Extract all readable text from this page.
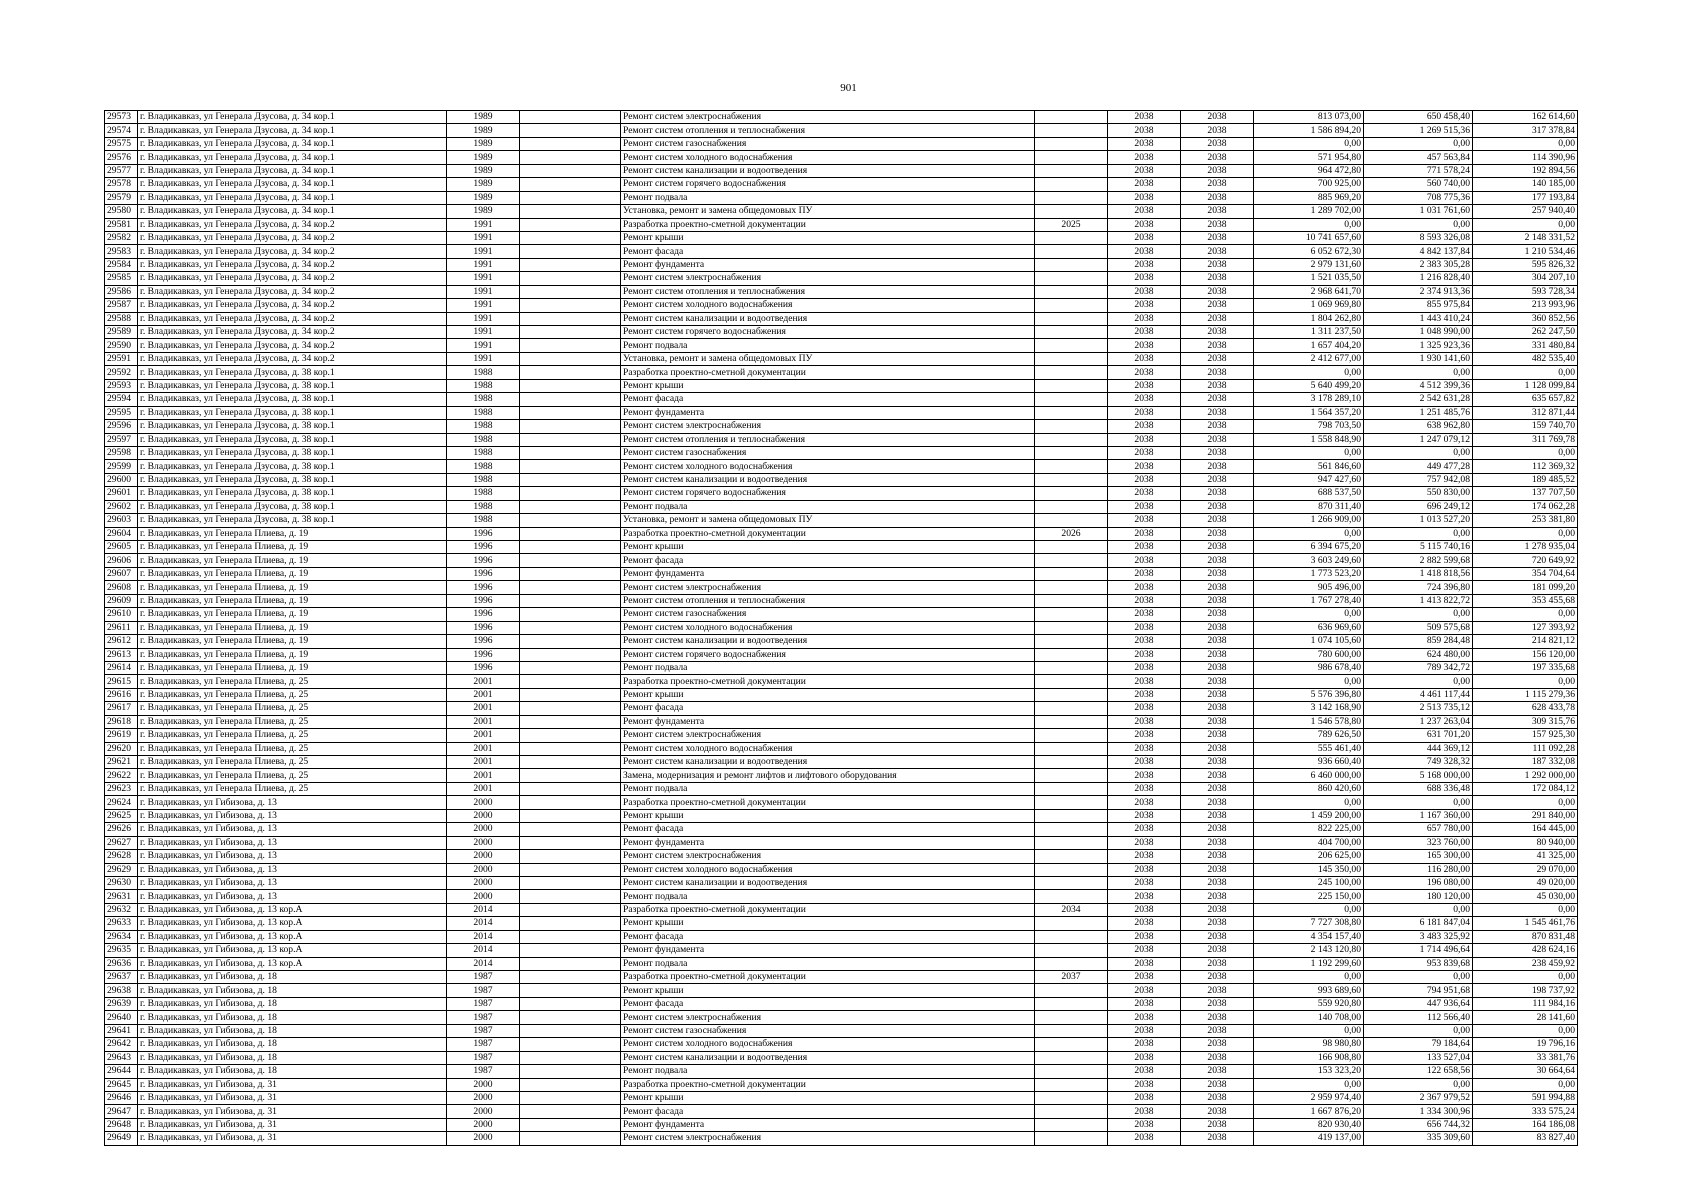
901
29573	г. Владикавказ, ул Генерала Дзусова, д. 34 кор.1	1989		Ремонт систем электроснабжения		2038	2038	813 073,00	650 458,40	162 614,60
29574	г. Владикавказ, ул Генерала Дзусова, д. 34 кор.1	1989		Ремонт систем отопления и теплоснабжения		2038	2038	1 586 894,20	1 269 515,36	317 378,84
29575	г. Владикавказ, ул Генерала Дзусова, д. 34 кор.1	1989		Ремонт систем газоснабжения		2038	2038	0,00	0,00	0,00
29576	г. Владикавказ, ул Генерала Дзусова, д. 34 кор.1	1989		Ремонт систем холодного водоснабжения		2038	2038	571 954,80	457 563,84	114 390,96
29577	г. Владикавказ, ул Генерала Дзусова, д. 34 кор.1	1989		Ремонт систем канализации и водоотведения		2038	2038	964 472,80	771 578,24	192 894,56
29578	г. Владикавказ, ул Генерала Дзусова, д. 34 кор.1	1989		Ремонт систем горячего водоснабжения		2038	2038	700 925,00	560 740,00	140 185,00
29579	г. Владикавказ, ул Генерала Дзусова, д. 34 кор.1	1989		Ремонт подвала		2038	2038	885 969,20	708 775,36	177 193,84
29580	г. Владикавказ, ул Генерала Дзусова, д. 34 кор.1	1989		Установка, ремонт и замена общедомовых ПУ		2038	2038	1 289 702,00	1 031 761,60	257 940,40
29581	г. Владикавказ, ул Генерала Дзусова, д. 34 кор.2	1991		Разработка проектно-сметной документации	2025	2038	2038	0,00	0,00	0,00
29582	г. Владикавказ, ул Генерала Дзусова, д. 34 кор.2	1991		Ремонт крыши		2038	2038	10 741 657,60	8 593 326,08	2 148 331,52
29583	г. Владикавказ, ул Генерала Дзусова, д. 34 кор.2	1991		Ремонт фасада		2038	2038	6 052 672,30	4 842 137,84	1 210 534,46
29584	г. Владикавказ, ул Генерала Дзусова, д. 34 кор.2	1991		Ремонт фундамента		2038	2038	2 979 131,60	2 383 305,28	595 826,32
29585	г. Владикавказ, ул Генерала Дзусова, д. 34 кор.2	1991		Ремонт систем электроснабжения		2038	2038	1 521 035,50	1 216 828,40	304 207,10
29586	г. Владикавказ, ул Генерала Дзусова, д. 34 кор.2	1991		Ремонт систем отопления и теплоснабжения		2038	2038	2 968 641,70	2 374 913,36	593 728,34
29587	г. Владикавказ, ул Генерала Дзусова, д. 34 кор.2	1991		Ремонт систем холодного водоснабжения		2038	2038	1 069 969,80	855 975,84	213 993,96
29588	г. Владикавказ, ул Генерала Дзусова, д. 34 кор.2	1991		Ремонт систем канализации и водоотведения		2038	2038	1 804 262,80	1 443 410,24	360 852,56
29589	г. Владикавказ, ул Генерала Дзусова, д. 34 кор.2	1991		Ремонт систем горячего водоснабжения		2038	2038	1 311 237,50	1 048 990,00	262 247,50
29590	г. Владикавказ, ул Генерала Дзусова, д. 34 кор.2	1991		Ремонт подвала		2038	2038	1 657 404,20	1 325 923,36	331 480,84
29591	г. Владикавказ, ул Генерала Дзусова, д. 34 кор.2	1991		Установка, ремонт и замена общедомовых ПУ		2038	2038	2 412 677,00	1 930 141,60	482 535,40
29592	г. Владикавказ, ул Генерала Дзусова, д. 38 кор.1	1988		Разработка проектно-сметной документации		2038	2038	0,00	0,00	0,00
29593	г. Владикавказ, ул Генерала Дзусова, д. 38 кор.1	1988		Ремонт крыши		2038	2038	5 640 499,20	4 512 399,36	1 128 099,84
29594	г. Владикавказ, ул Генерала Дзусова, д. 38 кор.1	1988		Ремонт фасада		2038	2038	3 178 289,10	2 542 631,28	635 657,82
29595	г. Владикавказ, ул Генерала Дзусова, д. 38 кор.1	1988		Ремонт фундамента		2038	2038	1 564 357,20	1 251 485,76	312 871,44
29596	г. Владикавказ, ул Генерала Дзусова, д. 38 кор.1	1988		Ремонт систем электроснабжения		2038	2038	798 703,50	638 962,80	159 740,70
29597	г. Владикавказ, ул Генерала Дзусова, д. 38 кор.1	1988		Ремонт систем отопления и теплоснабжения		2038	2038	1 558 848,90	1 247 079,12	311 769,78
29598	г. Владикавказ, ул Генерала Дзусова, д. 38 кор.1	1988		Ремонт систем газоснабжения		2038	2038	0,00	0,00	0,00
29599	г. Владикавказ, ул Генерала Дзусова, д. 38 кор.1	1988		Ремонт систем холодного водоснабжения		2038	2038	561 846,60	449 477,28	112 369,32
29600	г. Владикавказ, ул Генерала Дзусова, д. 38 кор.1	1988		Ремонт систем канализации и водоотведения		2038	2038	947 427,60	757 942,08	189 485,52
29601	г. Владикавказ, ул Генерала Дзусова, д. 38 кор.1	1988		Ремонт систем горячего водоснабжения		2038	2038	688 537,50	550 830,00	137 707,50
29602	г. Владикавказ, ул Генерала Дзусова, д. 38 кор.1	1988		Ремонт подвала		2038	2038	870 311,40	696 249,12	174 062,28
29603	г. Владикавказ, ул Генерала Дзусова, д. 38 кор.1	1988		Установка, ремонт и замена общедомовых ПУ		2038	2038	1 266 909,00	1 013 527,20	253 381,80
29604	г. Владикавказ, ул Генерала Плиева, д. 19	1996		Разработка проектно-сметной документации	2026	2038	2038	0,00	0,00	0,00
29605	г. Владикавказ, ул Генерала Плиева, д. 19	1996		Ремонт крыши		2038	2038	6 394 675,20	5 115 740,16	1 278 935,04
29606	г. Владикавказ, ул Генерала Плиева, д. 19	1996		Ремонт фасада		2038	2038	3 603 249,60	2 882 599,68	720 649,92
29607	г. Владикавказ, ул Генерала Плиева, д. 19	1996		Ремонт фундамента		2038	2038	1 773 523,20	1 418 818,56	354 704,64
29608	г. Владикавказ, ул Генерала Плиева, д. 19	1996		Ремонт систем электроснабжения		2038	2038	905 496,00	724 396,80	181 099,20
29609	г. Владикавказ, ул Генерала Плиева, д. 19	1996		Ремонт систем отопления и теплоснабжения		2038	2038	1 767 278,40	1 413 822,72	353 455,68
29610	г. Владикавказ, ул Генерала Плиева, д. 19	1996		Ремонт систем газоснабжения		2038	2038	0,00	0,00	0,00
29611	г. Владикавказ, ул Генерала Плиева, д. 19	1996		Ремонт систем холодного водоснабжения		2038	2038	636 969,60	509 575,68	127 393,92
29612	г. Владикавказ, ул Генерала Плиева, д. 19	1996		Ремонт систем канализации и водоотведения		2038	2038	1 074 105,60	859 284,48	214 821,12
29613	г. Владикавказ, ул Генерала Плиева, д. 19	1996		Ремонт систем горячего водоснабжения		2038	2038	780 600,00	624 480,00	156 120,00
29614	г. Владикавказ, ул Генерала Плиева, д. 19	1996		Ремонт подвала		2038	2038	986 678,40	789 342,72	197 335,68
29615	г. Владикавказ, ул Генерала Плиева, д. 25	2001		Разработка проектно-сметной документации		2038	2038	0,00	0,00	0,00
29616	г. Владикавказ, ул Генерала Плиева, д. 25	2001		Ремонт крыши		2038	2038	5 576 396,80	4 461 117,44	1 115 279,36
29617	г. Владикавказ, ул Генерала Плиева, д. 25	2001		Ремонт фасада		2038	2038	3 142 168,90	2 513 735,12	628 433,78
29618	г. Владикавказ, ул Генерала Плиева, д. 25	2001		Ремонт фундамента		2038	2038	1 546 578,80	1 237 263,04	309 315,76
29619	г. Владикавказ, ул Генерала Плиева, д. 25	2001		Ремонт систем электроснабжения		2038	2038	789 626,50	631 701,20	157 925,30
29620	г. Владикавказ, ул Генерала Плиева, д. 25	2001		Ремонт систем холодного водоснабжения		2038	2038	555 461,40	444 369,12	111 092,28
29621	г. Владикавказ, ул Генерала Плиева, д. 25	2001		Ремонт систем канализации и водоотведения		2038	2038	936 660,40	749 328,32	187 332,08
29622	г. Владикавказ, ул Генерала Плиева, д. 25	2001		Замена, модернизация и ремонт лифтов и лифтового оборудования		2038	2038	6 460 000,00	5 168 000,00	1 292 000,00
29623	г. Владикавказ, ул Генерала Плиева, д. 25	2001		Ремонт подвала		2038	2038	860 420,60	688 336,48	172 084,12
29624	г. Владикавказ, ул Гибизова, д. 13	2000		Разработка проектно-сметной документации		2038	2038	0,00	0,00	0,00
29625	г. Владикавказ, ул Гибизова, д. 13	2000		Ремонт крыши		2038	2038	1 459 200,00	1 167 360,00	291 840,00
29626	г. Владикавказ, ул Гибизова, д. 13	2000		Ремонт фасада		2038	2038	822 225,00	657 780,00	164 445,00
29627	г. Владикавказ, ул Гибизова, д. 13	2000		Ремонт фундамента		2038	2038	404 700,00	323 760,00	80 940,00
29628	г. Владикавказ, ул Гибизова, д. 13	2000		Ремонт систем электроснабжения		2038	2038	206 625,00	165 300,00	41 325,00
29629	г. Владикавказ, ул Гибизова, д. 13	2000		Ремонт систем холодного водоснабжения		2038	2038	145 350,00	116 280,00	29 070,00
29630	г. Владикавказ, ул Гибизова, д. 13	2000		Ремонт систем канализации и водоотведения		2038	2038	245 100,00	196 080,00	49 020,00
29631	г. Владикавказ, ул Гибизова, д. 13	2000		Ремонт подвала		2038	2038	225 150,00	180 120,00	45 030,00
29632	г. Владикавказ, ул Гибизова, д. 13 кор.А	2014		Разработка проектно-сметной документации	2034	2038	2038	0,00	0,00	0,00
29633	г. Владикавказ, ул Гибизова, д. 13 кор.А	2014		Ремонт крыши		2038	2038	7 727 308,80	6 181 847,04	1 545 461,76
29634	г. Владикавказ, ул Гибизова, д. 13 кор.А	2014		Ремонт фасада		2038	2038	4 354 157,40	3 483 325,92	870 831,48
29635	г. Владикавказ, ул Гибизова, д. 13 кор.А	2014		Ремонт фундамента		2038	2038	2 143 120,80	1 714 496,64	428 624,16
29636	г. Владикавказ, ул Гибизова, д. 13 кор.А	2014		Ремонт подвала		2038	2038	1 192 299,60	953 839,68	238 459,92
29637	г. Владикавказ, ул Гибизова, д. 18	1987		Разработка проектно-сметной документации	2037	2038	2038	0,00	0,00	0,00
29638	г. Владикавказ, ул Гибизова, д. 18	1987		Ремонт крыши		2038	2038	993 689,60	794 951,68	198 737,92
29639	г. Владикавказ, ул Гибизова, д. 18	1987		Ремонт фасада		2038	2038	559 920,80	447 936,64	111 984,16
29640	г. Владикавказ, ул Гибизова, д. 18	1987		Ремонт систем электроснабжения		2038	2038	140 708,00	112 566,40	28 141,60
29641	г. Владикавказ, ул Гибизова, д. 18	1987		Ремонт систем газоснабжения		2038	2038	0,00	0,00	0,00
29642	г. Владикавказ, ул Гибизова, д. 18	1987		Ремонт систем холодного водоснабжения		2038	2038	98 980,80	79 184,64	19 796,16
29643	г. Владикавказ, ул Гибизова, д. 18	1987		Ремонт систем канализации и водоотведения		2038	2038	166 908,80	133 527,04	33 381,76
29644	г. Владикавказ, ул Гибизова, д. 18	1987		Ремонт подвала		2038	2038	153 323,20	122 658,56	30 664,64
29645	г. Владикавказ, ул Гибизова, д. 31	2000		Разработка проектно-сметной документации		2038	2038	0,00	0,00	0,00
29646	г. Владикавказ, ул Гибизова, д. 31	2000		Ремонт крыши		2038	2038	2 959 974,40	2 367 979,52	591 994,88
29647	г. Владикавказ, ул Гибизова, д. 31	2000		Ремонт фасада		2038	2038	1 667 876,20	1 334 300,96	333 575,24
29648	г. Владикавказ, ул Гибизова, д. 31	2000		Ремонт фундамента		2038	2038	820 930,40	656 744,32	164 186,08
29649	г. Владикавказ, ул Гибизова, д. 31	2000		Ремонт систем электроснабжения		2038	2038	419 137,00	335 309,60	83 827,40
